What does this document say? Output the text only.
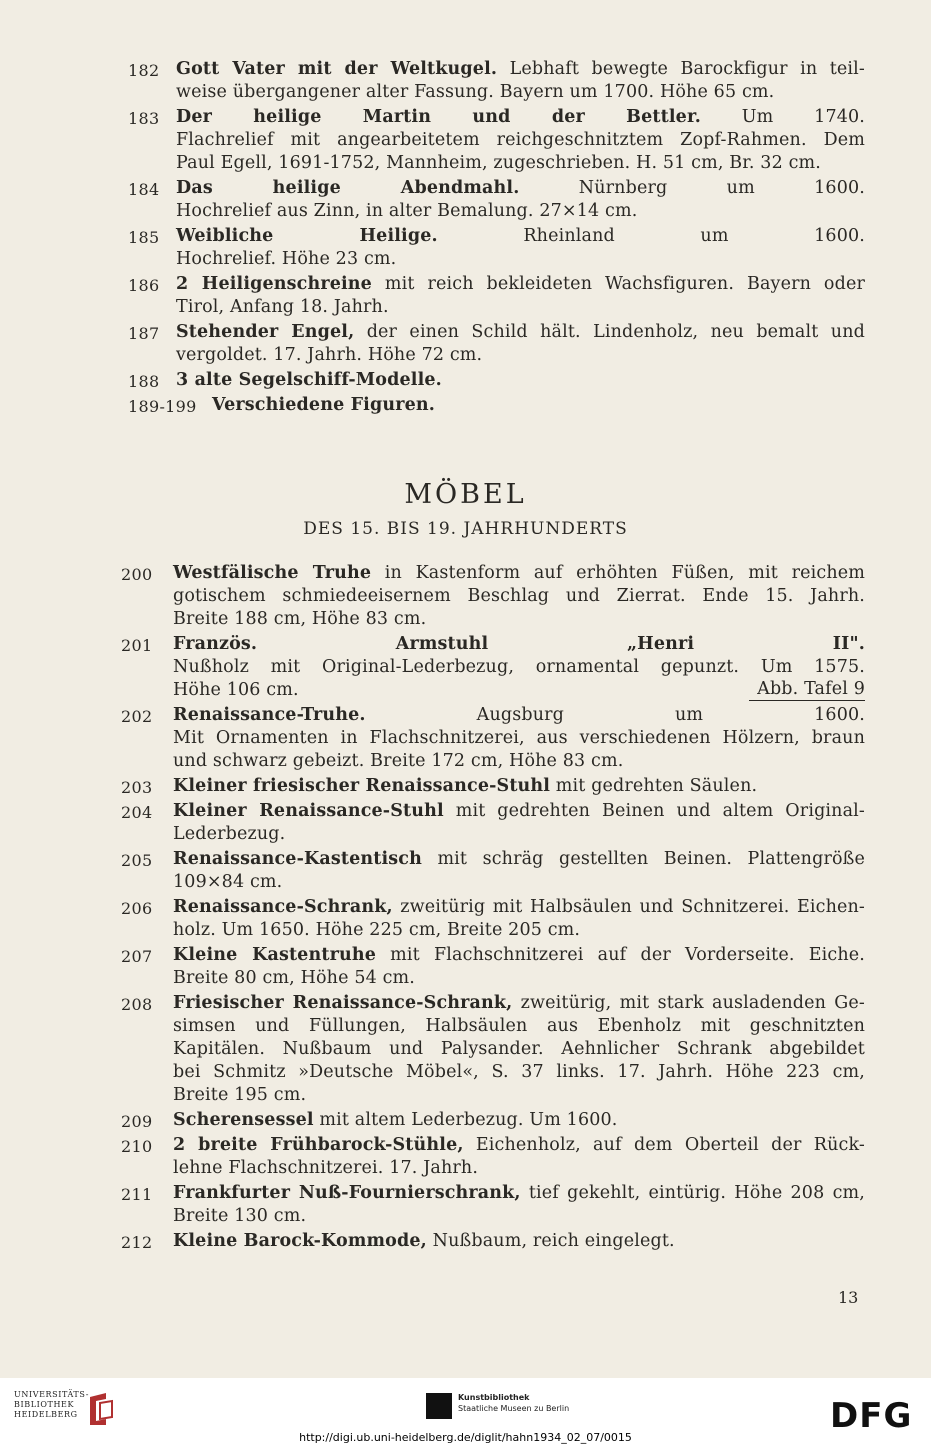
182 Gott Vater mit der Weltkugel. Lebhaft bewegte Barockfigur in teil-
weise übergangener alter Fassung. Bayern um 1700. Höhe 65 cm.
183 Der heilige Martin und der Bettler. Um 1740.
Flachrelief mit angearbeitetem reichgeschnitztem Zopf-Rahmen. Dem
Paul Egell, 1691-1752, Mannheim, zugeschrieben. H. 51 cm, Br. 32 cm.
184 Das heilige Abendmahl. Nürnberg um 1600.
Hochrelief aus Zinn, in alter Bemalung. 27×14 cm.
185 Weibliche Heilige. Rheinland um 1600.
Hochrelief. Höhe 23 cm.
186 2 Heiligenschreine mit reich bekleideten Wachsfiguren. Bayern oder
Tirol, Anfang 18. Jahrh.
187 Stehender Engel, der einen Schild hält. Lindenholz, neu bemalt und
vergoldet. 17. Jahrh. Höhe 72 cm.
188 3 alte Segelschiff-Modelle.
189-199 Verschiedene Figuren.
MÖBEL
DES 15. BIS 19. JAHRHUNDERTS
200 Westfälische Truhe in Kastenform auf erhöhten Füßen, mit reichem
gotischem schmiedeeisernem Beschlag und Zierrat. Ende 15. Jahrh.
Breite 188 cm, Höhe 83 cm.
201 Französ. Armstuhl „Henri II".
Nußholz mit Original-Lederbezug, ornamental gepunzt. Um 1575.
Höhe 106 cm.	Abb. Tafel 9
202 Renaissance-Truhe. Augsburg um 1600.
Mit Ornamenten in Flachschnitzerei, aus verschiedenen Hölzern, braun
und schwarz gebeizt. Breite 172 cm, Höhe 83 cm.
203 Kleiner friesischer Renaissance-Stuhl mit gedrehten Säulen.
204 Kleiner Renaissance-Stuhl mit gedrehten Beinen und altem Original-
Lederbezug.
205 Renaissance-Kastentisch mit schräg gestellten Beinen. Plattengröße
109×84 cm.
206 Renaissance-Schrank, zweitürig mit Halbsäulen und Schnitzerei. Eichen-
holz. Um 1650. Höhe 225 cm, Breite 205 cm.
207 Kleine Kastentruhe mit Flachschnitzerei auf der Vorderseite. Eiche.
Breite 80 cm, Höhe 54 cm.
208 Friesischer Renaissance-Schrank, zweitürig, mit stark ausladenden Ge-
simsen und Füllungen, Halbsäulen aus Ebenholz mit geschnitzten
Kapitälen. Nußbaum und Palysander. Aehnlicher Schrank abgebildet
bei Schmitz »Deutsche Möbel«, S. 37 links. 17. Jahrh. Höhe 223 cm,
Breite 195 cm.
209 Scherensessel mit altem Lederbezug. Um 1600.
210 2 breite Frühbarock-Stühle, Eichenholz, auf dem Oberteil der Rück-
lehne Flachschnitzerei. 17. Jahrh.
211 Frankfurter Nuß-Fournierschrank, tief gekehlt, eintürig. Höhe 208 cm,
Breite 130 cm.
212 Kleine Barock-Kommode, Nußbaum, reich eingelegt.
13
UNIVERSITÄTS-
BIBLIOTHEK
HEIDELBERG
Kunstbibliothek
Staatliche Museen zu Berlin	DFG
http://digi.ub.uni-heidelberg.de/diglit/hahn1934_02_07/0015
